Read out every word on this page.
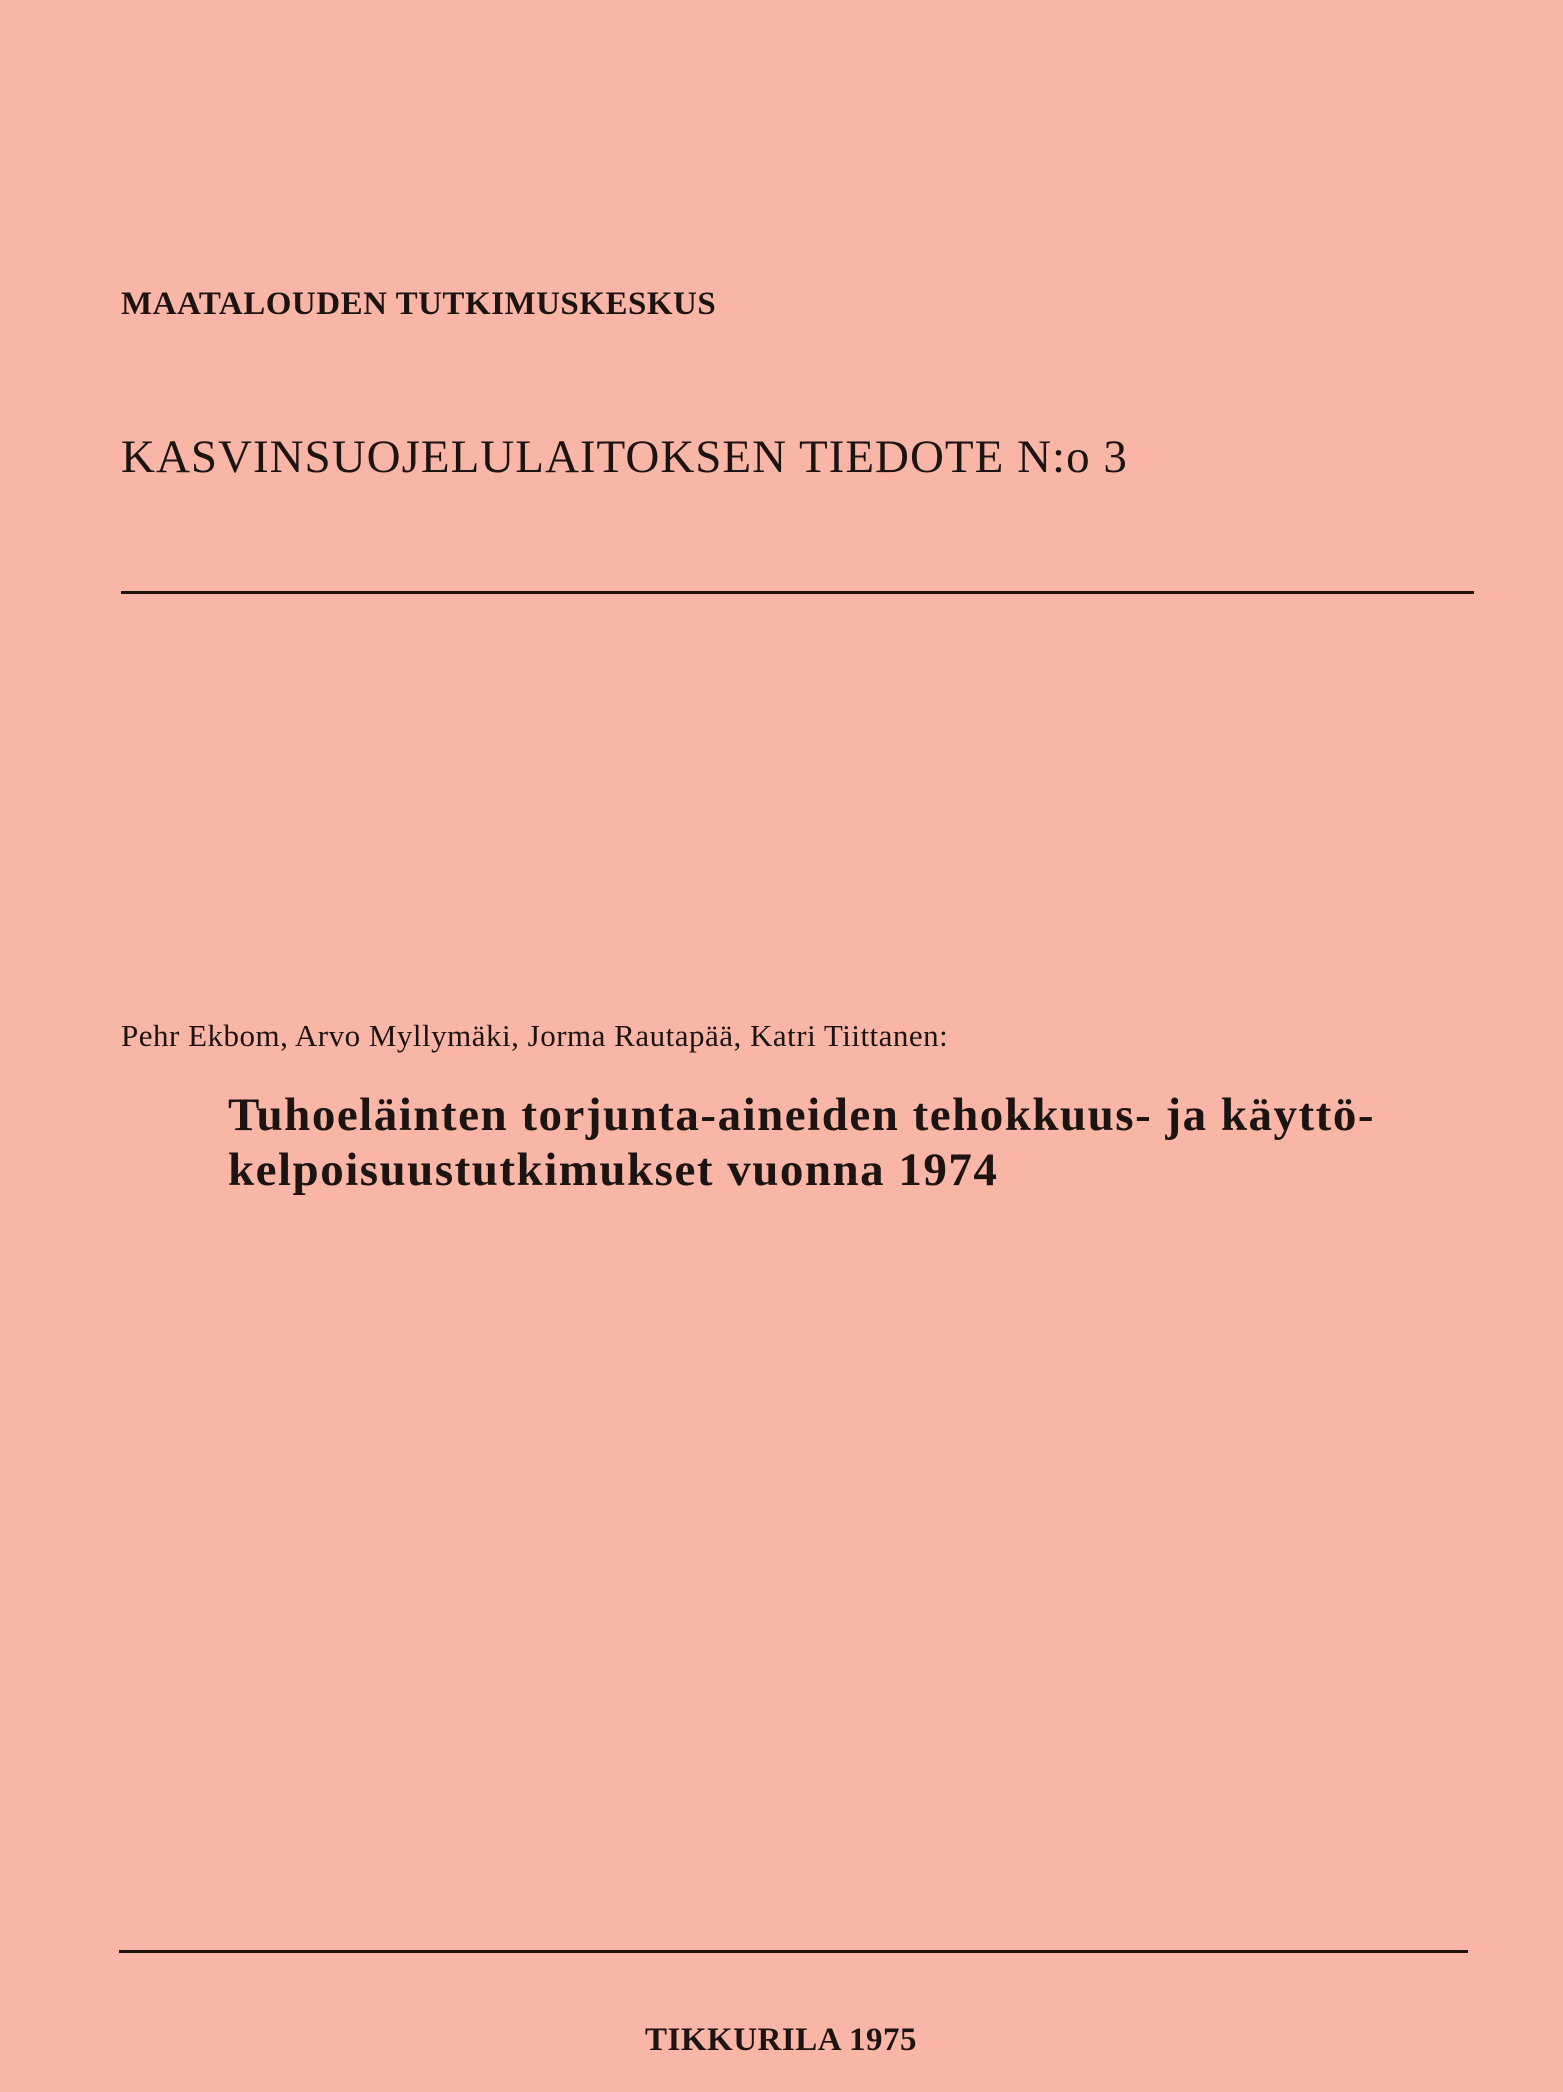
MAATALOUDEN TUTKIMUSKESKUS
KASVINSUOJELULAITOKSEN TIEDOTE N:o 3
Pehr Ekbom, Arvo Myllymäki, Jorma Rautapää, Katri Tiittanen:
Tuhoeläinten torjunta-aineiden tehokkuus- ja käyttö-
kelpoisuustutkimukset vuonna 1974
TIKKURILA 1975
